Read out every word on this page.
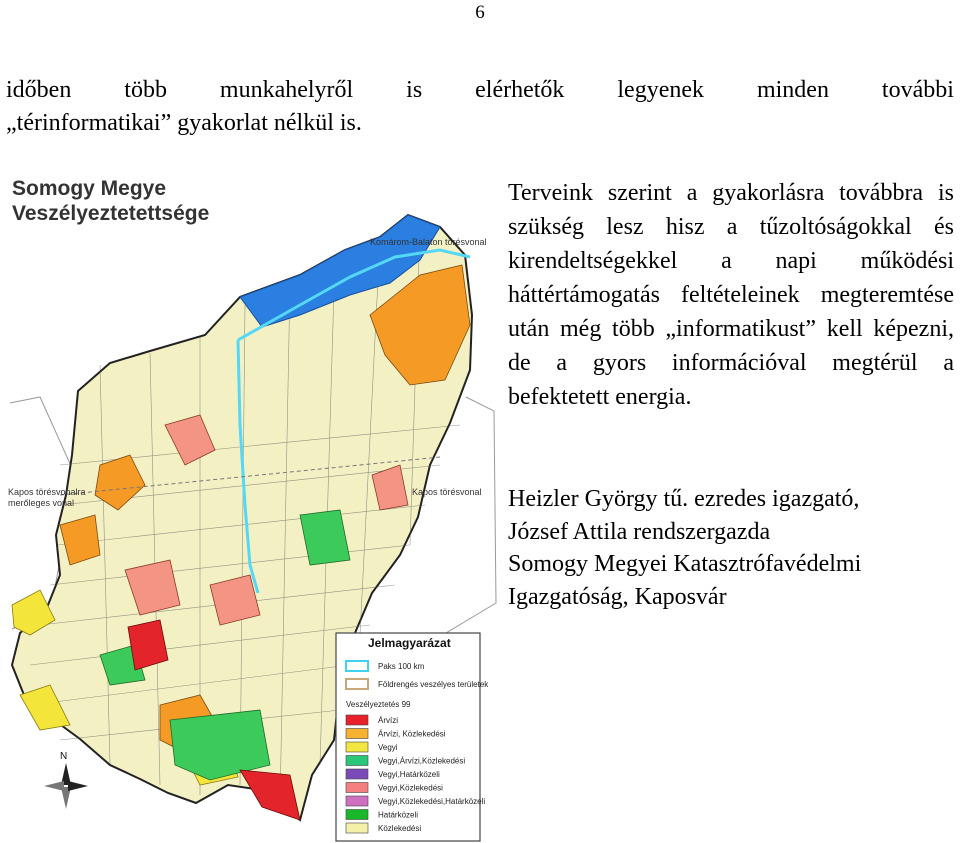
6
időben több munkahelyről is elérhetők legyenek minden további
„térinformatikai” gyakorlat nélkül is.
Somogy Megye
Veszélyeztetettsége
Komárom-Balaton törésvonal
Kapos törésvonalra
merőleges vonal
Kapos törésvonal
N
Jelmagyarázat
Paks 100 km
Földrengés veszélyes területek
Veszélyeztetés 99
Árvízi
Árvízi, Közlekedési
Vegyi
Vegyi,Árvízi,Közlekedési
Vegyi,Határközeli
Vegyi,Közlekedési
Vegyi,Közlekedési,Határközeli
Határközeli
Közlekedési
Terveink szerint a gyakorlásra továbbra is szükség lesz hisz a tűzoltóságokkal és kirendeltségekkel a napi működési háttértámogatás feltételeinek megteremtése után még több „informatikust” kell képezni, de a gyors információval megtérül a befektetett energia.
Heizler György tű. ezredes igazgató,
József Attila rendszergazda
Somogy Megyei Katasztrófavédelmi
Igazgatóság, Kaposvár
